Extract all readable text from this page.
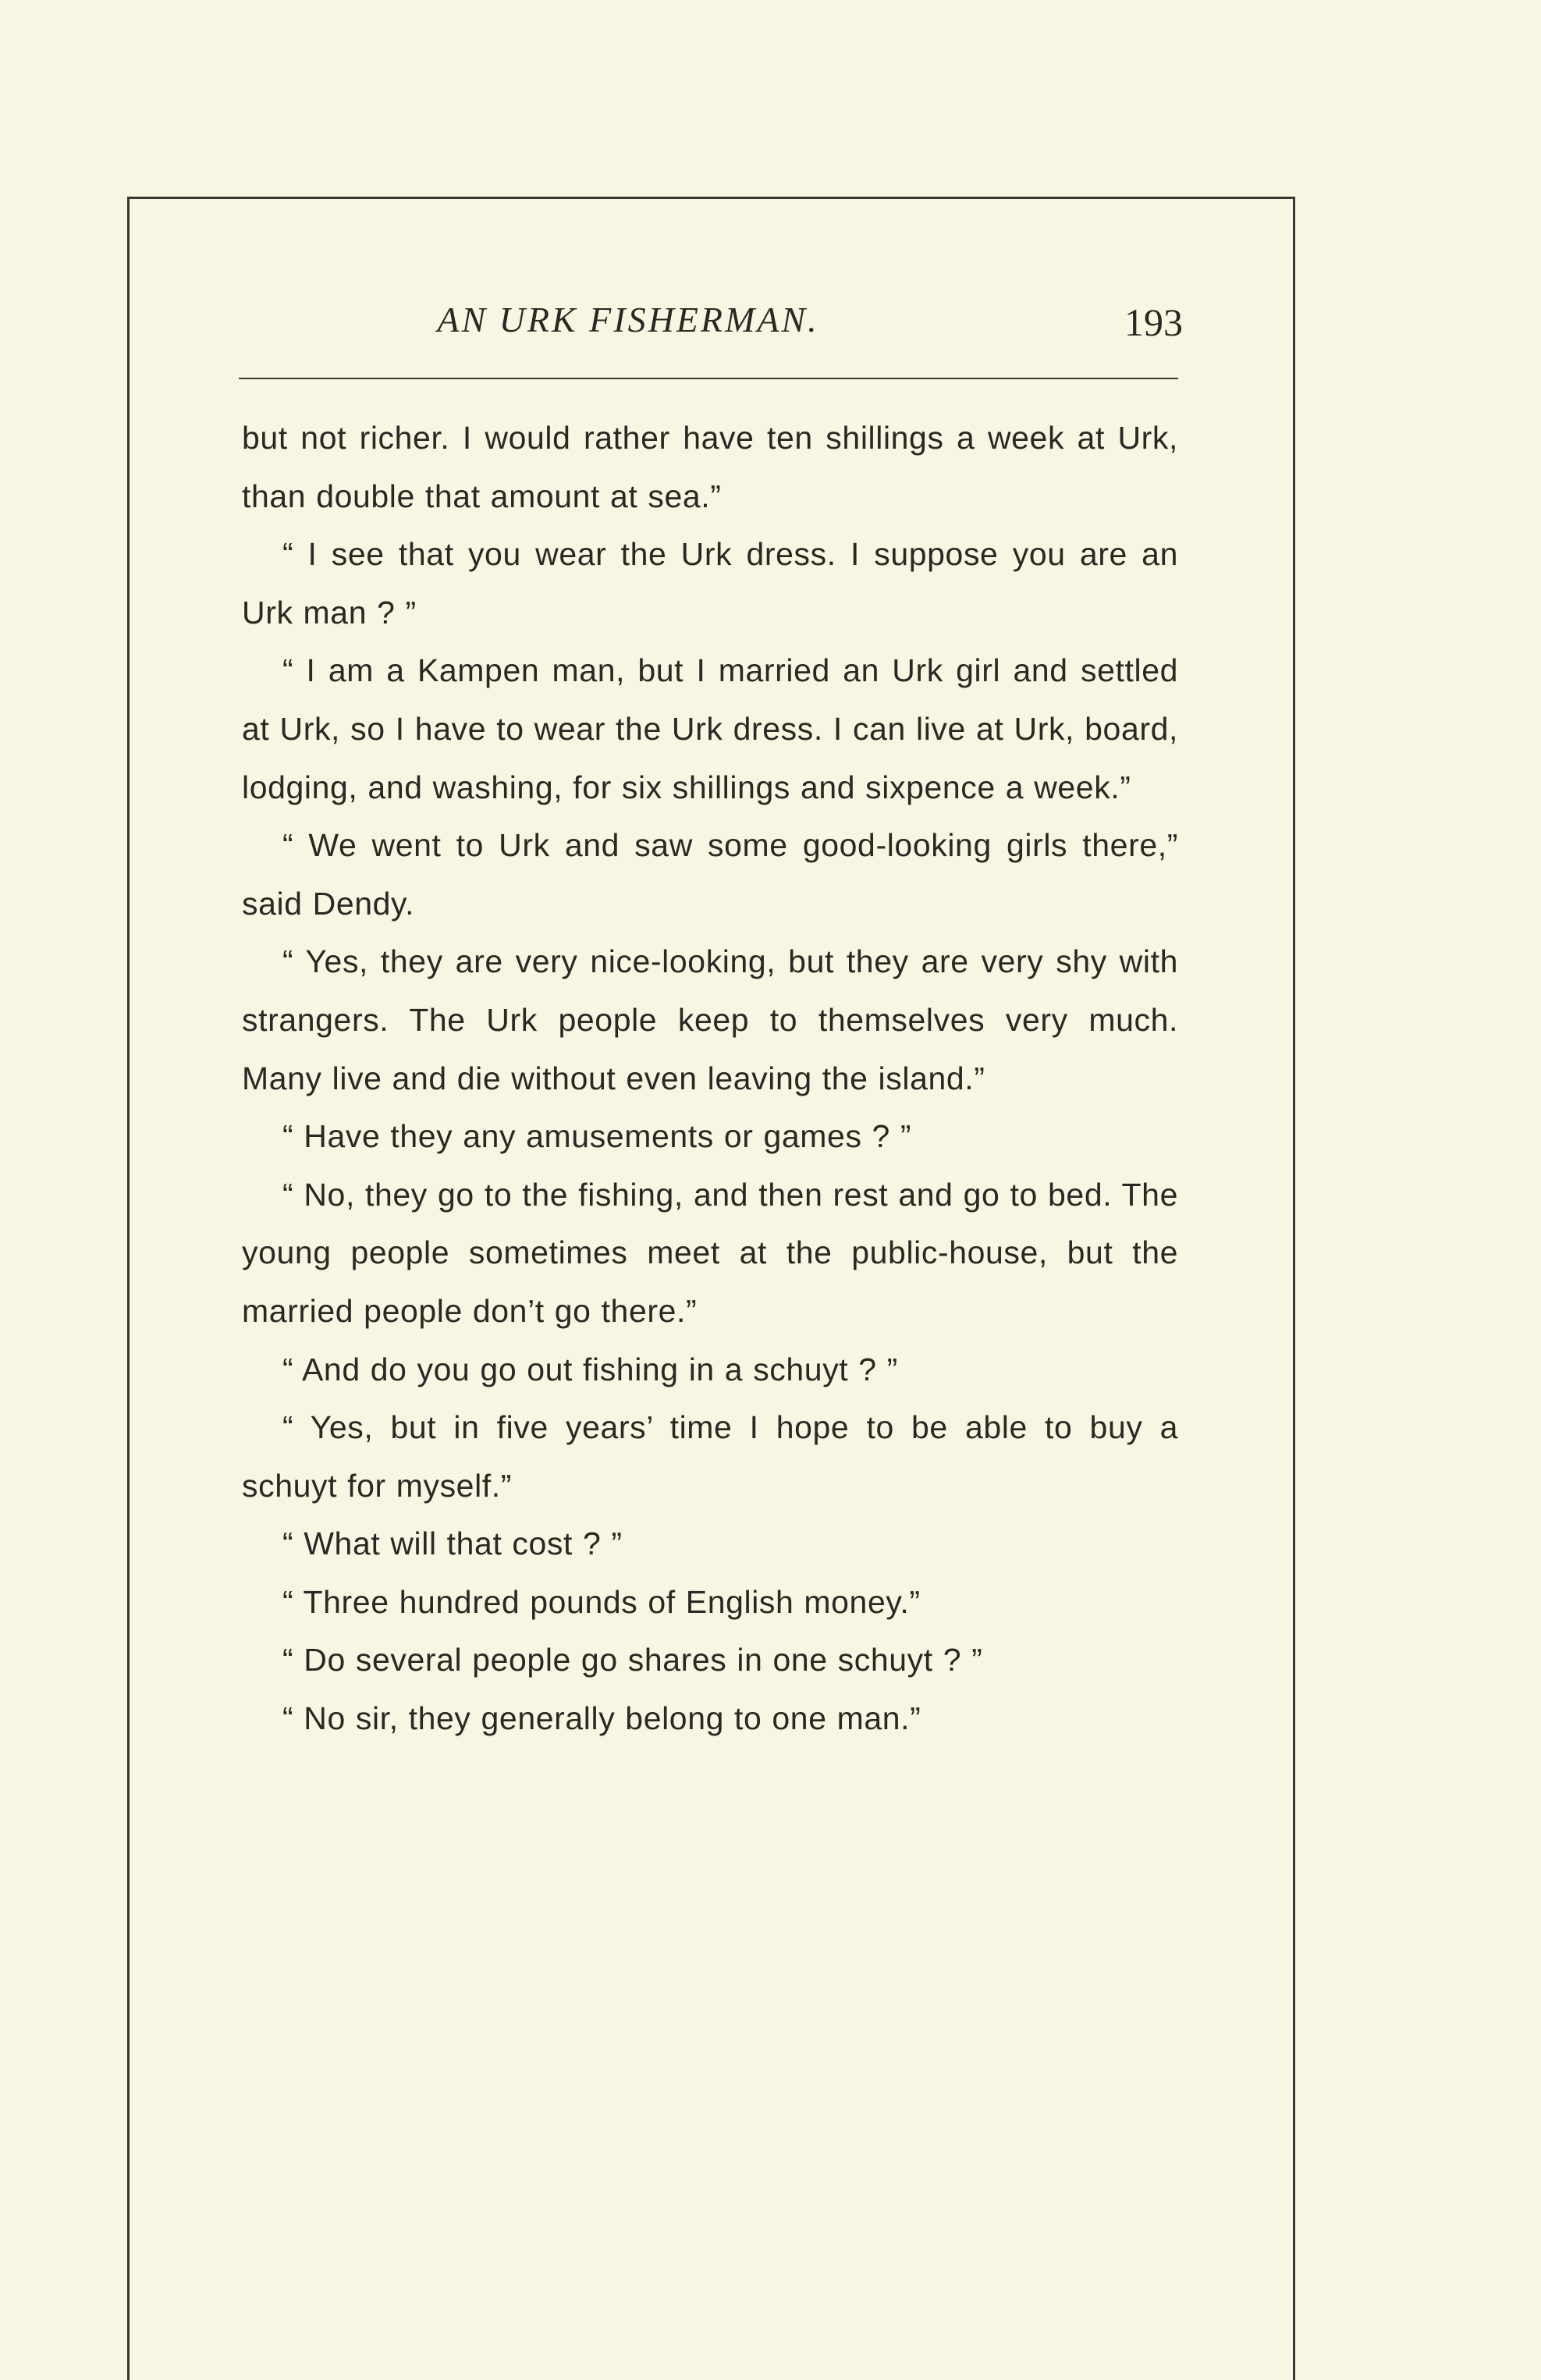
AN URK FISHERMAN.	193

but not richer. I would rather have ten shillings a week at Urk, than double that amount at sea.”

“ I see that you wear the Urk dress. I suppose you are an Urk man ? ”

“ I am a Kampen man, but I married an Urk girl and settled at Urk, so I have to wear the Urk dress. I can live at Urk, board, lodging, and washing, for six shillings and sixpence a week.”

“ We went to Urk and saw some good-looking girls there,” said Dendy.

“ Yes, they are very nice-looking, but they are very shy with strangers. The Urk people keep to themselves very much. Many live and die without even leaving the island.”

“ Have they any amusements or games ? ”

“ No, they go to the fishing, and then rest and go to bed. The young people sometimes meet at the public-house, but the married people don’t go there.”

“ And do you go out fishing in a schuyt ? ”

“ Yes, but in five years’ time I hope to be able to buy a schuyt for myself.”

“ What will that cost ? ”

“ Three hundred pounds of English money.”

“ Do several people go shares in one schuyt ? ”

“ No sir, they generally belong to one man.”
